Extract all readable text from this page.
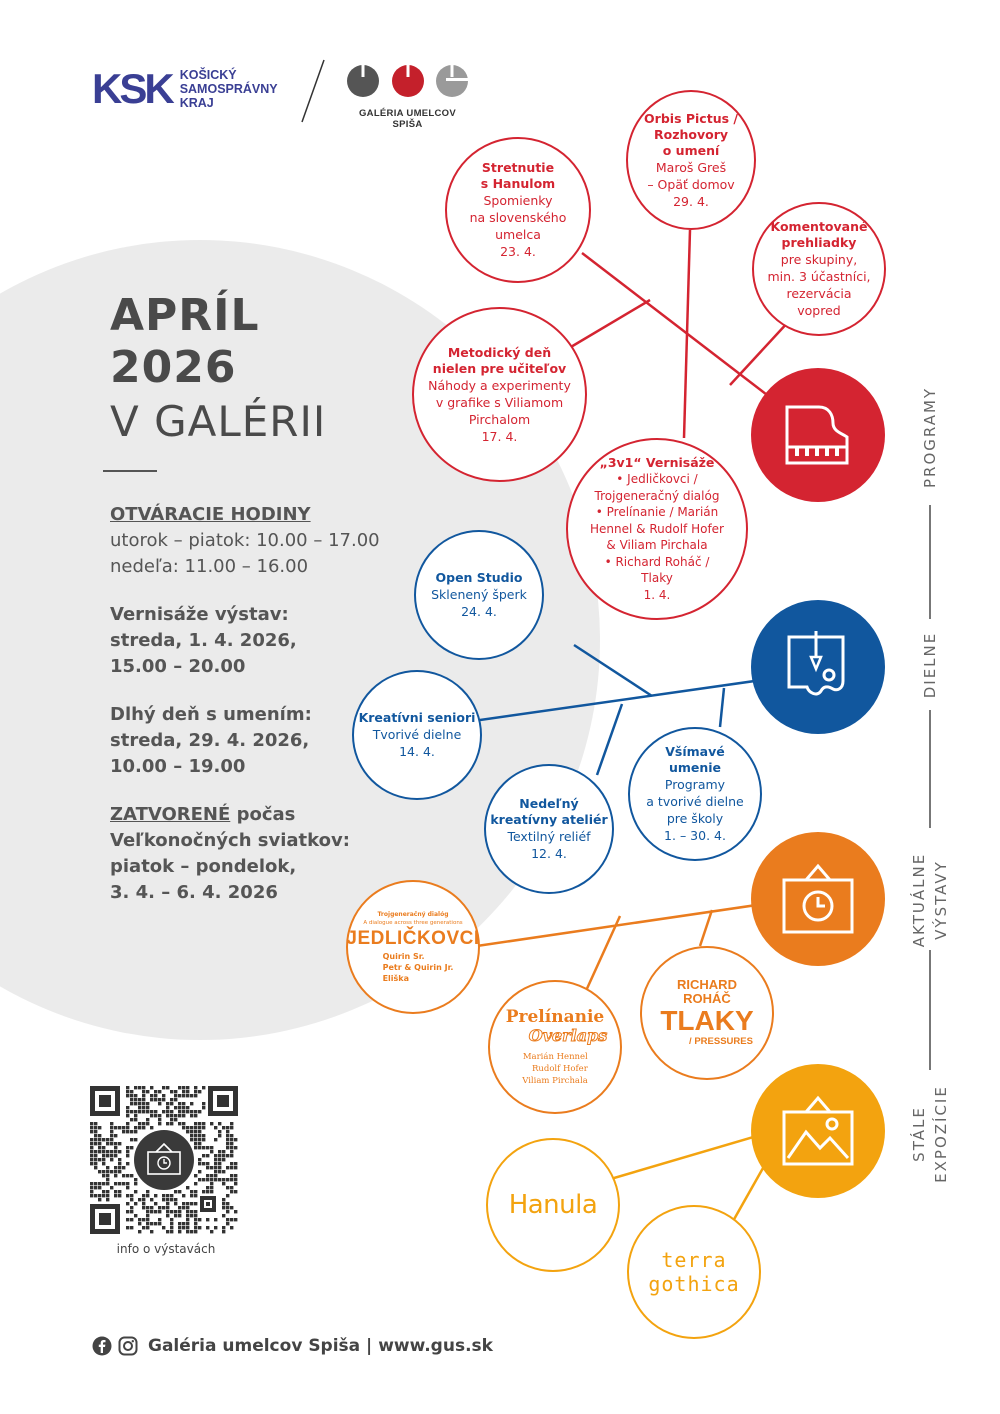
KSK KOŠICKÝ
SAMOSPRÁVNY
KRAJ
GALÉRIA UMELCOV SPIŠA
APRÍL
2026
V GALÉRII

OTVÁRACIE HODINY
utorok – piatok: 10.00 – 17.00
nedeľa: 11.00 – 16.00

Vernisáže výstav:
streda, 1. 4. 2026,
15.00 – 20.00

Dlhý deň s umením:
streda, 29. 4. 2026,
10.00 – 19.00

ZATVORENÉ počas
Veľkonočných sviatkov:
piatok – pondelok,
3. 4. – 6. 4. 2026

Stretnutie
s Hanulom
Spomienky
na slovenského
umelca
23. 4.
Orbis Pictus /
Rozhovory
o umení
Maroš Greš
– Opäť domov
29. 4.
Komentované
prehliadky
pre skupiny,
min. 3 účastníci,
rezervácia
vopred
Metodický deň
nielen pre učiteľov
Náhody a experimenty
v grafike s Viliamom
Pirchalom
17. 4.
„3v1“ Vernisáže
• Jedličkovci /
Trojgeneračný dialóg
• Prelínanie / Marián
Hennel & Rudolf Hofer
& Viliam Pirchala
• Richard Roháč /
Tlaky
1. 4.
Open Studio
Sklenený šperk
24. 4.
Kreatívni seniori
Tvorivé dielne
14. 4.
Nedeľný
kreatívny ateliér
Textilný reliéf
12. 4.
Všímavé
umenie
Programy
a tvorivé dielne
pre školy
1. – 30. 4.
Trojgeneračný dialóg
A dialogue across three generations
JEDLIČKOVCI
Quirin Sr.
Petr & Quirin Jr.
Eliška
Prelínanie
Overlaps
Marián Hennel
Rudolf Hofer
Viliam Pirchala
RICHARD
ROHÁČ
TLAKY
/ PRESSURES
Hanula
terra
gothica
PROGRAMY
DIELNE
AKTUÁLNE VÝSTAVY
STÁLE EXPOZÍCIE
info o výstavách
Galéria umelcov Spiša | www.gus.sk
